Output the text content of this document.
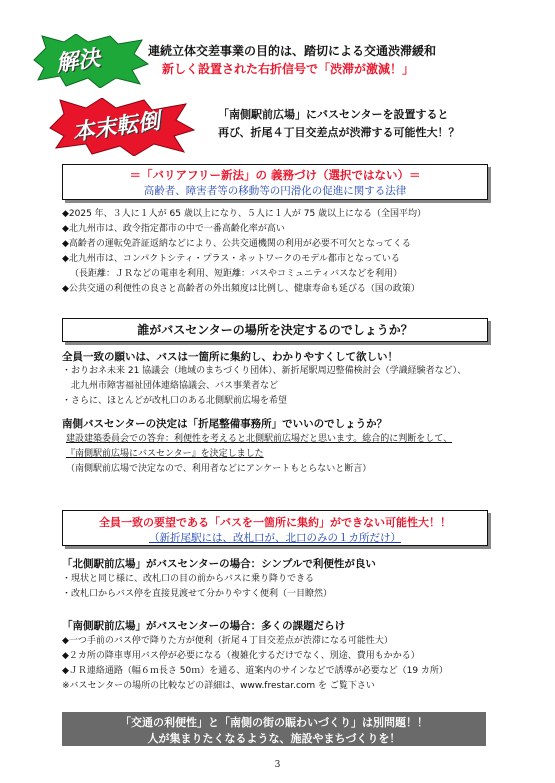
解決	連続立体交差事業の目的は、踏切による交通渋滞緩和
新しく設置された右折信号で「渋滞が激減！」
本末転倒	「南側駅前広場」にバスセンターを設置すると
再び、折尾４丁目交差点が渋滞する可能性大！？
＝「バリアフリー新法」の 義務づけ（選択ではない）＝
高齢者、障害者等の移動等の円滑化の促進に関する法律
◆2025 年、３人に１人が 65 歳以上になり、５人に１人が 75 歳以上になる（全国平均）
◆北九州市は、政令指定都市の中で一番高齢化率が高い
◆高齢者の運転免許証返納などにより、公共交通機関の利用が必要不可欠となってくる
◆北九州市は、コンパクトシティ・プラス・ネットワークのモデル都市となっている
（長距離：ＪＲなどの電車を利用、短距離：バスやコミュニティバスなどを利用）
◆公共交通の利便性の良さと高齢者の外出頻度は比例し、健康寿命も延びる（国の政策）
誰がバスセンターの場所を決定するのでしょうか？
全員一致の願いは、バスは一箇所に集約し、わかりやすくして欲しい！
・おりおネ未来 21 協議会（地域のまちづくり団体）、新折尾駅周辺整備検討会（学識経験者など）、
　北九州市障害福祉団体連絡協議会、バス事業者など
・さらに、ほとんどが改札口のある北側駅前広場を希望
南側バスセンターの決定は「折尾整備事務所」でいいのでしょうか？
建設建築委員会での答弁：利便性を考えると北側駅前広場だと思います。総合的に判断をして、
『南側駅前広場にバスセンター』を決定しました
（南側駅前広場で決定なので、利用者などにアンケートもとらないと断言）
全員一致の要望である「バスを一箇所に集約」ができない可能性大！！
（新折尾駅には、改札口が、北口のみの１カ所だけ）
「北側駅前広場」がバスセンターの場合：シンプルで利便性が良い
・現状と同じ様に、改札口の目の前からバスに乗り降りできる
・改札口からバス停を直接見渡せて分かりやすく便利（一目瞭然）
「南側駅前広場」がバスセンターの場合：多くの課題だらけ
◆一つ手前のバス停で降りた方が便利（折尾４丁目交差点が渋滞になる可能性大）
◆２カ所の降車専用バス停が必要になる（複雑化するだけでなく、別途、費用もかかる）
◆ＪＲ連絡通路（幅６ｍ長さ 50ｍ）を通る、道案内のサインなどで誘導が必要など（19 カ所）
※バスセンターの場所の比較などの詳細は、www.frestar.com を ご覧下さい
「交通の利便性」と「南側の街の賑わいづくり」は別問題！！
人が集まりたくなるような、施設やまちづくりを！
3
